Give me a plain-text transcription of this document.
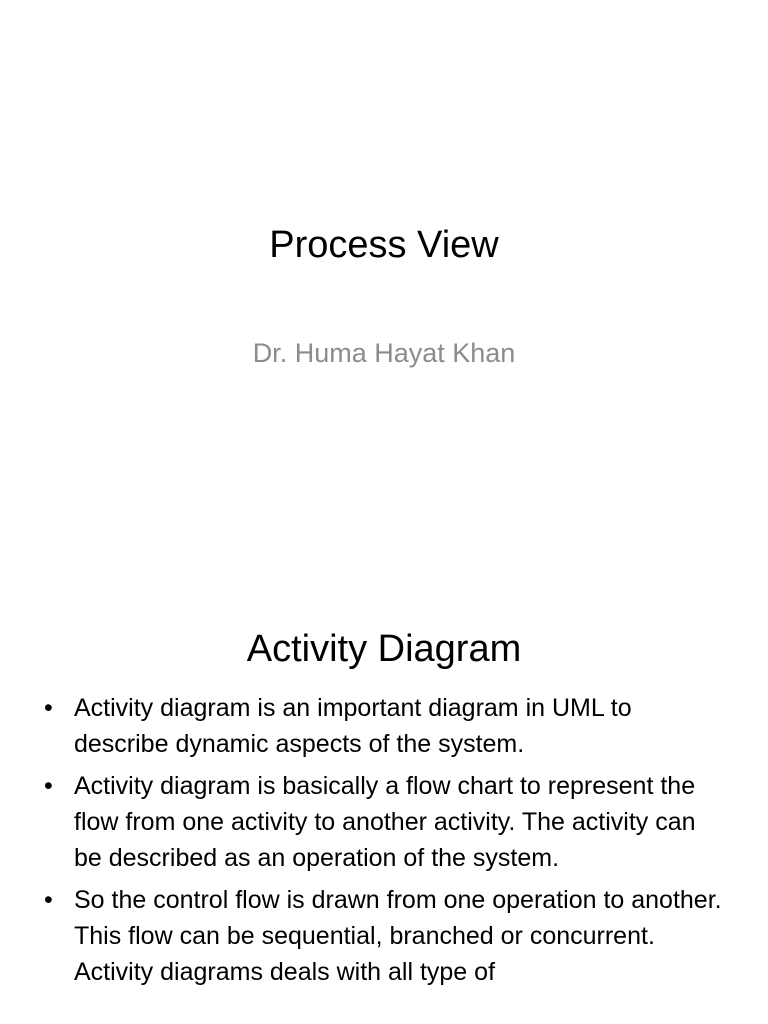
Process View
Dr. Huma Hayat Khan
Activity Diagram
• Activity diagram is an important diagram in UML to describe dynamic aspects of the system.
• Activity diagram is basically a flow chart to represent the flow from one activity to another activity. The activity can be described as an operation of the system.
• So the control flow is drawn from one operation to another. This flow can be sequential, branched or concurrent. Activity diagrams deals with all type of
